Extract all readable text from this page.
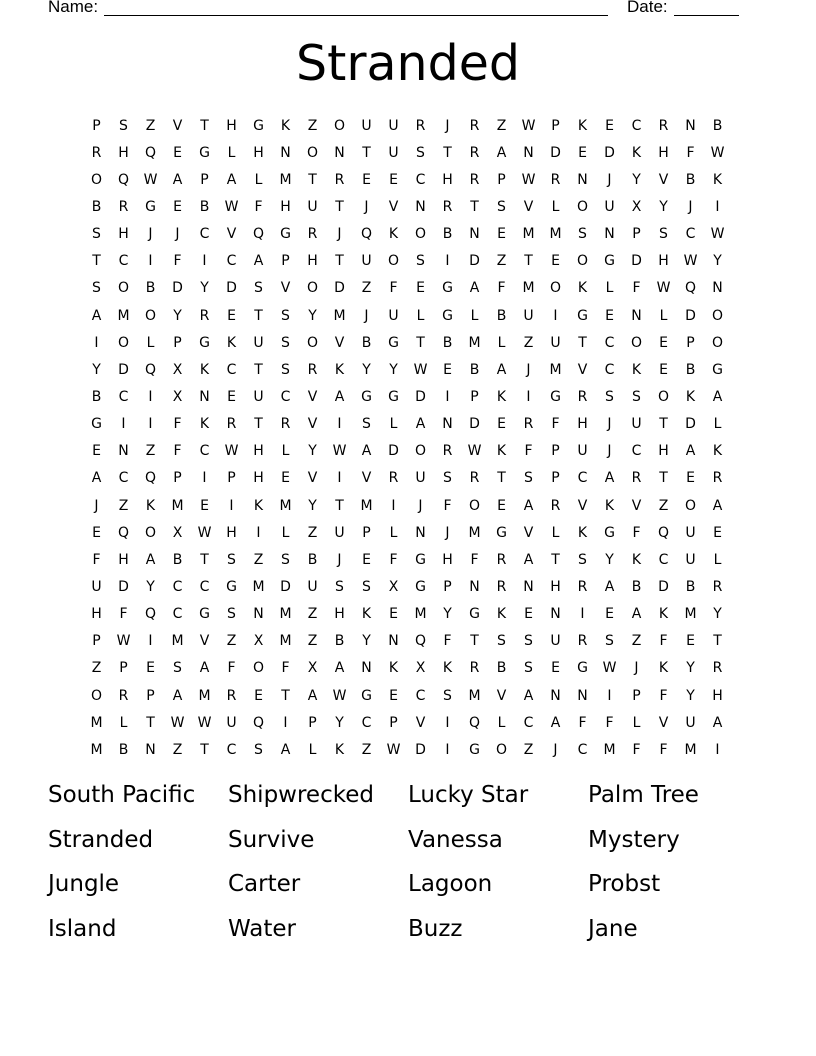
Name:	Date:
Stranded
P	S	Z	V	T	H	G	K	Z	O	U	U	R	J	R	Z	W	P	K	E	C	R	N	B
R	H	Q	E	G	L	H	N	O	N	T	U	S	T	R	A	N	D	E	D	K	H	F	W
O	Q	W	A	P	A	L	M	T	R	E	E	C	H	R	P	W	R	N	J	Y	V	B	K
B	R	G	E	B	W	F	H	U	T	J	V	N	R	T	S	V	L	O	U	X	Y	J	I
S	H	J	J	C	V	Q	G	R	J	Q	K	O	B	N	E	M	M	S	N	P	S	C	W
T	C	I	F	I	C	A	P	H	T	U	O	S	I	D	Z	T	E	O	G	D	H	W	Y
S	O	B	D	Y	D	S	V	O	D	Z	F	E	G	A	F	M	O	K	L	F	W	Q	N
A	M	O	Y	R	E	T	S	Y	M	J	U	L	G	L	B	U	I	G	E	N	L	D	O
I	O	L	P	G	K	U	S	O	V	B	G	T	B	M	L	Z	U	T	C	O	E	P	O
Y	D	Q	X	K	C	T	S	R	K	Y	Y	W	E	B	A	J	M	V	C	K	E	B	G
B	C	I	X	N	E	U	C	V	A	G	G	D	I	P	K	I	G	R	S	S	O	K	A
G	I	I	F	K	R	T	R	V	I	S	L	A	N	D	E	R	F	H	J	U	T	D	L
E	N	Z	F	C	W	H	L	Y	W	A	D	O	R	W	K	F	P	U	J	C	H	A	K
A	C	Q	P	I	P	H	E	V	I	V	R	U	S	R	T	S	P	C	A	R	T	E	R
J	Z	K	M	E	I	K	M	Y	T	M	I	J	F	O	E	A	R	V	K	V	Z	O	A
E	Q	O	X	W	H	I	L	Z	U	P	L	N	J	M	G	V	L	K	G	F	Q	U	E
F	H	A	B	T	S	Z	S	B	J	E	F	G	H	F	R	A	T	S	Y	K	C	U	L
U	D	Y	C	C	G	M	D	U	S	S	X	G	P	N	R	N	H	R	A	B	D	B	R
H	F	Q	C	G	S	N	M	Z	H	K	E	M	Y	G	K	E	N	I	E	A	K	M	Y
P	W	I	M	V	Z	X	M	Z	B	Y	N	Q	F	T	S	S	U	R	S	Z	F	E	T
Z	P	E	S	A	F	O	F	X	A	N	K	X	K	R	B	S	E	G	W	J	K	Y	R
O	R	P	A	M	R	E	T	A	W	G	E	C	S	M	V	A	N	N	I	P	F	Y	H
M	L	T	W W	U	Q	I	P	Y	C	P	V	I	Q	L	C	A	F	F	L	V	U	A
M	B	N	Z	T	C	S	A	L	K	Z	W	D	I	G	O	Z	J	C	M	F	F	M	I
South Pacific	Shipwrecked	Lucky Star	Palm Tree
Stranded	Survive	Vanessa	Mystery
Jungle	Carter	Lagoon	Probst
Island	Water	Buzz	Jane
